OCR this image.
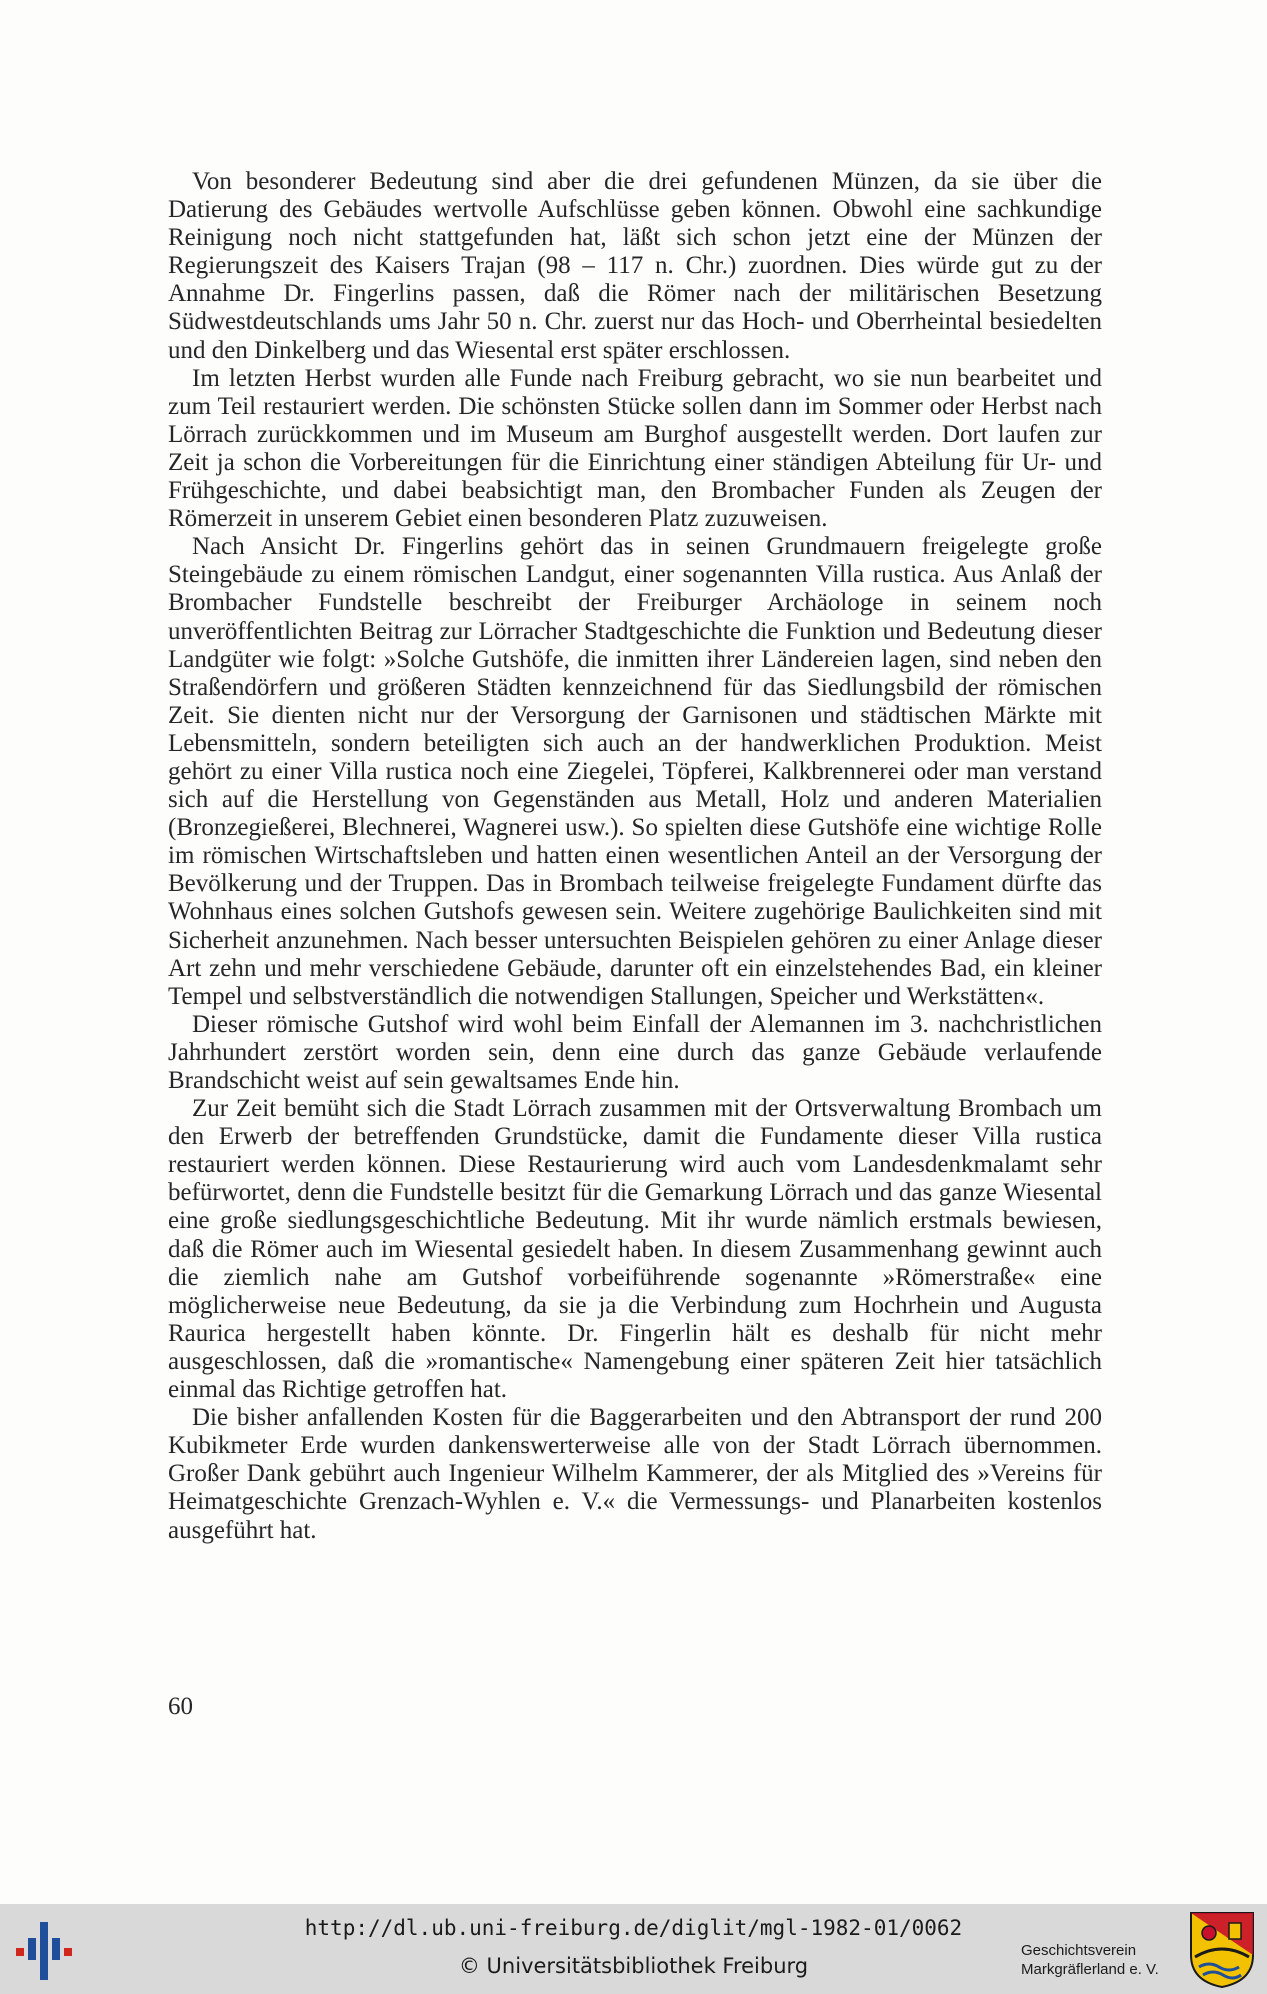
Von besonderer Bedeutung sind aber die drei gefundenen Münzen, da sie über die Datierung des Gebäudes wertvolle Aufschlüsse geben können. Obwohl eine sachkundige Reinigung noch nicht stattgefunden hat, läßt sich schon jetzt eine der Münzen der Regierungszeit des Kaisers Trajan (98 – 117 n. Chr.) zuordnen. Dies würde gut zu der Annahme Dr. Fingerlins passen, daß die Römer nach der militärischen Besetzung Südwestdeutschlands ums Jahr 50 n. Chr. zuerst nur das Hoch- und Oberrheintal besiedelten und den Dinkelberg und das Wiesental erst später erschlossen.

Im letzten Herbst wurden alle Funde nach Freiburg gebracht, wo sie nun bearbeitet und zum Teil restauriert werden. Die schönsten Stücke sollen dann im Sommer oder Herbst nach Lörrach zurückkommen und im Museum am Burghof ausgestellt werden. Dort laufen zur Zeit ja schon die Vorbereitungen für die Einrichtung einer ständigen Abteilung für Ur- und Frühgeschichte, und dabei beabsichtigt man, den Brombacher Funden als Zeugen der Römerzeit in unserem Gebiet einen besonderen Platz zuzuweisen.

Nach Ansicht Dr. Fingerlins gehört das in seinen Grundmauern freigelegte große Steingebäude zu einem römischen Landgut, einer sogenannten Villa rustica. Aus Anlaß der Brombacher Fundstelle beschreibt der Freiburger Archäologe in seinem noch unveröffentlichten Beitrag zur Lörracher Stadtgeschichte die Funktion und Bedeutung dieser Landgüter wie folgt: »Solche Gutshöfe, die inmitten ihrer Ländereien lagen, sind neben den Straßendörfern und größeren Städten kennzeichnend für das Siedlungsbild der römischen Zeit. Sie dienten nicht nur der Versorgung der Garnisonen und städtischen Märkte mit Lebensmitteln, sondern beteiligten sich auch an der handwerklichen Produktion. Meist gehört zu einer Villa rustica noch eine Ziegelei, Töpferei, Kalkbrennerei oder man verstand sich auf die Herstellung von Gegenständen aus Metall, Holz und anderen Materialien (Bronzegießerei, Blechnerei, Wagnerei usw.). So spielten diese Gutshöfe eine wichtige Rolle im römischen Wirtschaftsleben und hatten einen wesentlichen Anteil an der Versorgung der Bevölkerung und der Truppen. Das in Brombach teilweise freigelegte Fundament dürfte das Wohnhaus eines solchen Gutshofs gewesen sein. Weitere zugehörige Baulichkeiten sind mit Sicherheit anzunehmen. Nach besser untersuchten Beispielen gehören zu einer Anlage dieser Art zehn und mehr verschiedene Gebäude, darunter oft ein einzelstehendes Bad, ein kleiner Tempel und selbstverständlich die notwendigen Stallungen, Speicher und Werkstätten«.

Dieser römische Gutshof wird wohl beim Einfall der Alemannen im 3. nachchristlichen Jahrhundert zerstört worden sein, denn eine durch das ganze Gebäude verlaufende Brandschicht weist auf sein gewaltsames Ende hin.

Zur Zeit bemüht sich die Stadt Lörrach zusammen mit der Ortsverwaltung Brombach um den Erwerb der betreffenden Grundstücke, damit die Fundamente dieser Villa rustica restauriert werden können. Diese Restaurierung wird auch vom Landesdenkmalamt sehr befürwortet, denn die Fundstelle besitzt für die Gemarkung Lörrach und das ganze Wiesental eine große siedlungsgeschichtliche Bedeutung. Mit ihr wurde nämlich erstmals bewiesen, daß die Römer auch im Wiesental gesiedelt haben. In diesem Zusammenhang gewinnt auch die ziemlich nahe am Gutshof vorbeiführende sogenannte »Römerstraße« eine möglicherweise neue Bedeutung, da sie ja die Verbindung zum Hochrhein und Augusta Raurica hergestellt haben könnte. Dr. Fingerlin hält es deshalb für nicht mehr ausgeschlossen, daß die »romantische« Namengebung einer späteren Zeit hier tatsächlich einmal das Richtige getroffen hat.

Die bisher anfallenden Kosten für die Baggerarbeiten und den Abtransport der rund 200 Kubikmeter Erde wurden dankenswerterweise alle von der Stadt Lörrach übernommen. Großer Dank gebührt auch Ingenieur Wilhelm Kammerer, der als Mitglied des »Vereins für Heimatgeschichte Grenzach-Wyhlen e. V.« die Vermessungs- und Planarbeiten kostenlos ausgeführt hat.

60
http://dl.ub.uni-freiburg.de/diglit/mgl-1982-01/0062
© Universitätsbibliothek Freiburg
Geschichtsverein
Markgräflerland e. V.
